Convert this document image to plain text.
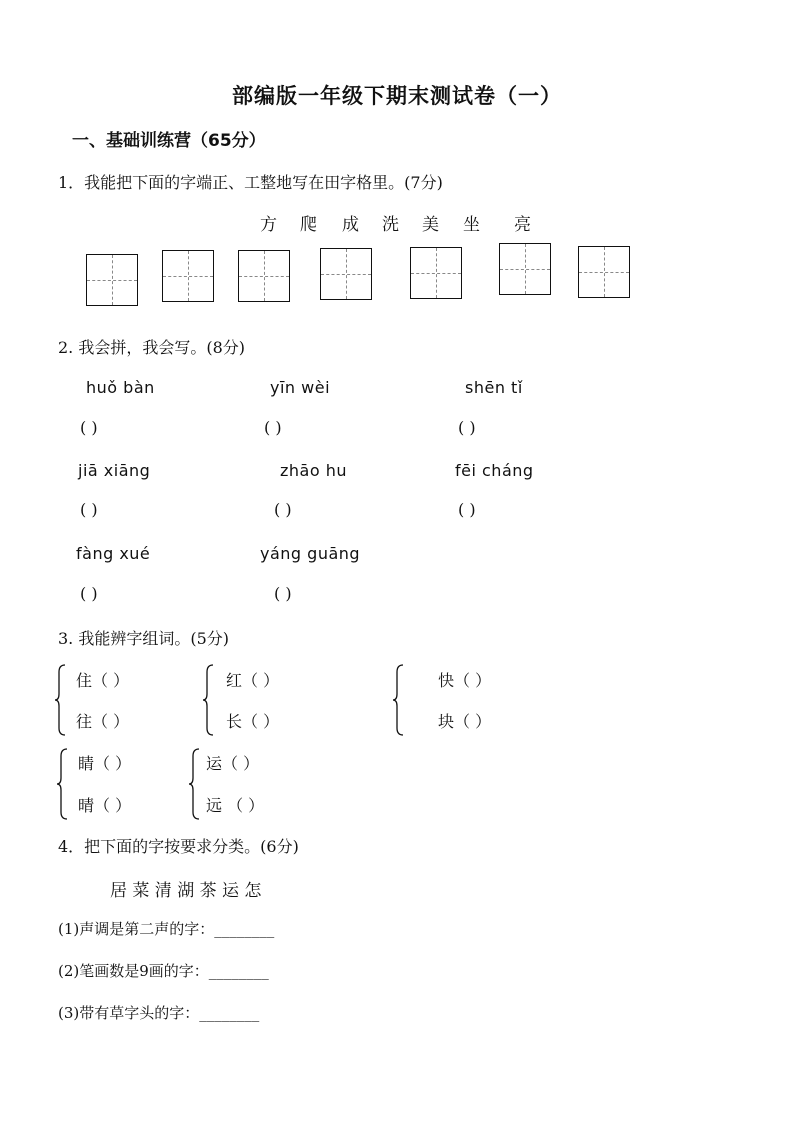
部编版一年级下期末测试卷（一）
一、基础训练营（65分）
1．我能把下面的字端正、工整地写在田字格里。(7分)
方 爬 成 洗 美 坐 亮
2. 我会拼，我会写。(8分)
huǒ bàn
( )
yīn wèi
( )
shēn tǐ
( )
jiā xiāng
( )
zhāo hu
( )
fēi cháng
( )
fàng xué
( )
yáng guāng
( )
3. 我能辨字组词。(5分)
住（ ）
往（ ）
红（ ）
长（ ）
快（ ）
块（ ）
睛（ ）
晴（ ）
运（ ）
远 （ ）
4．把下面的字按要求分类。(6分)
居 菜 清 湖 茶 运 怎
(1)声调是第二声的字：________
(2)笔画数是9画的字：________
(3)带有草字头的字：________
